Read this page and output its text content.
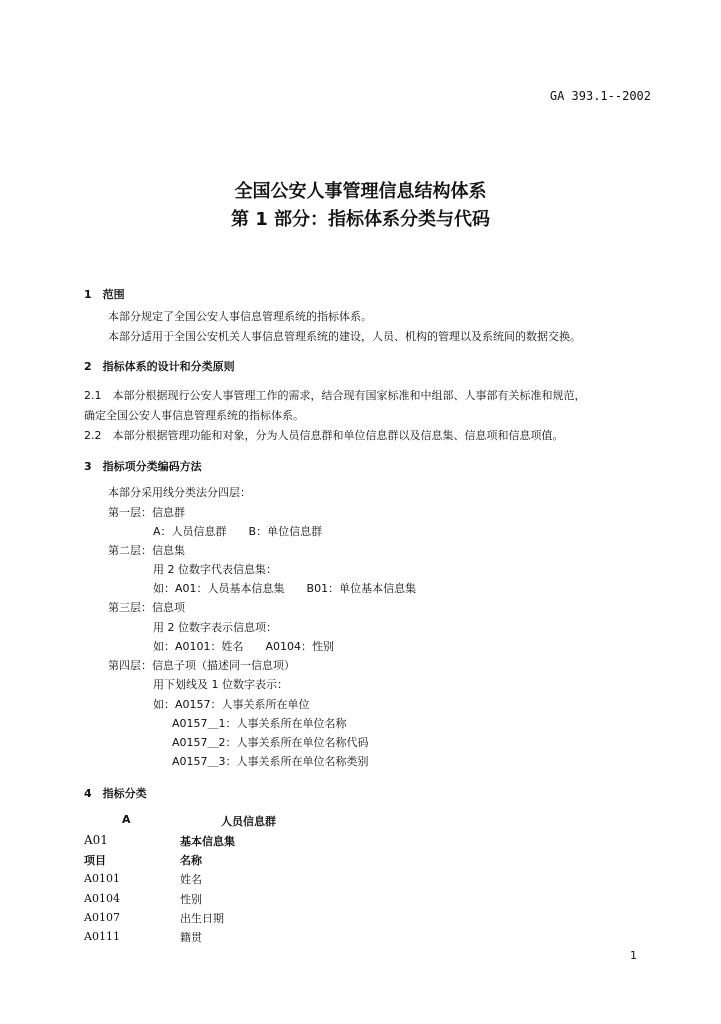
GA 393.1--2002
全国公安人事管理信息结构体系
第 1 部分：指标体系分类与代码
1　范围
本部分规定了全国公安人事信息管理系统的指标体系。
本部分适用于全国公安机关人事信息管理系统的建设，人员、机构的管理以及系统间的数据交换。
2　指标体系的设计和分类原则
2.1　本部分根据现行公安人事管理工作的需求，结合现有国家标准和中组部、人事部有关标准和规范，
确定全国公安人事信息管理系统的指标体系。
2.2　本部分根据管理功能和对象，分为人员信息群和单位信息群以及信息集、信息项和信息项值。
3　指标项分类编码方法
本部分采用线分类法分四层：
第一层：信息群
A：人员信息群　　B：单位信息群
第二层：信息集
用 2 位数字代表信息集：
如：A01：人员基本信息集　　B01：单位基本信息集
第三层：信息项
用 2 位数字表示信息项：
如：A0101：姓名　　A0104：性别
第四层：信息子项（描述同一信息项）
用下划线及 1 位数字表示：
如：A0157：人事关系所在单位
A0157＿1：人事关系所在单位名称
A0157＿2：人事关系所在单位名称代码
A0157＿3：人事关系所在单位名称类别
4　指标分类
A	人员信息群
A01	基本信息集
项目	名称
A0101	姓名
A0104	性别
A0107	出生日期
A0111	籍贯
1
